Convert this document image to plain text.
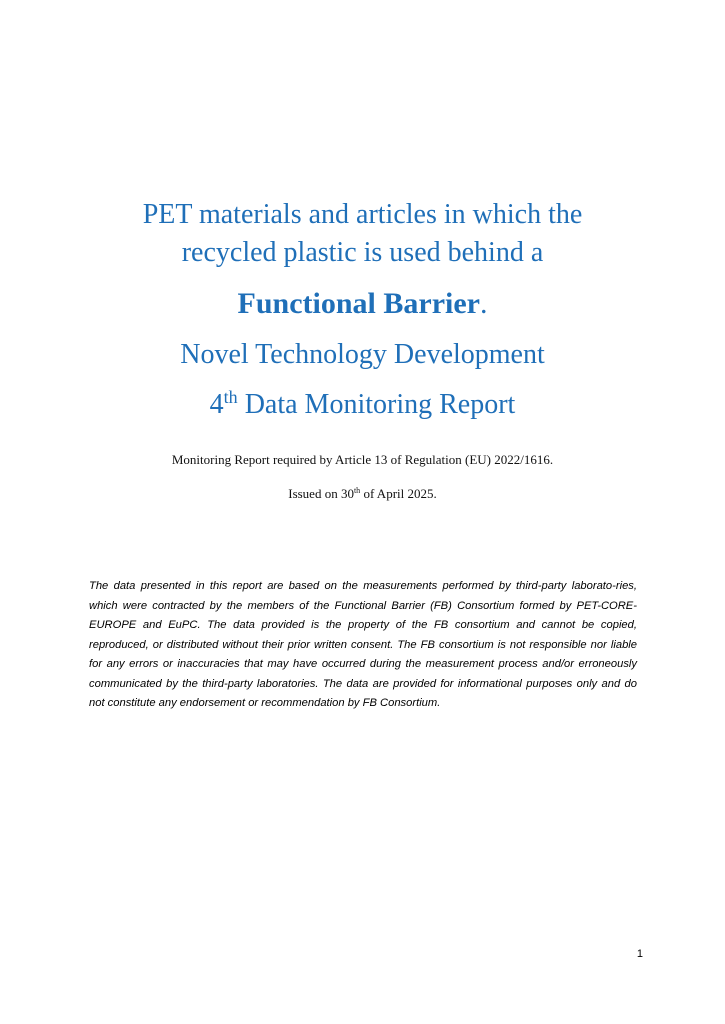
PET materials and articles in which the

recycled plastic is used behind a

Functional Barrier.

Novel Technology Development

4th Data Monitoring Report

Monitoring Report required by Article 13 of Regulation (EU) 2022/1616.
Issued on 30th of April 2025.
The data presented in this report are based on the measurements performed by third-party laborato-ries, which were contracted by the members of the Functional Barrier (FB) Consortium formed by PET-CORE-EUROPE and EuPC. The data provided is the property of the FB consortium and cannot be copied, reproduced, or distributed without their prior written consent. The FB consortium is not responsible nor liable for any errors or inaccuracies that may have occurred during the measurement process and/or erroneously communicated by the third-party laboratories. The data are provided for informational purposes only and do not constitute any endorsement or recommendation by FB Consortium.
1
